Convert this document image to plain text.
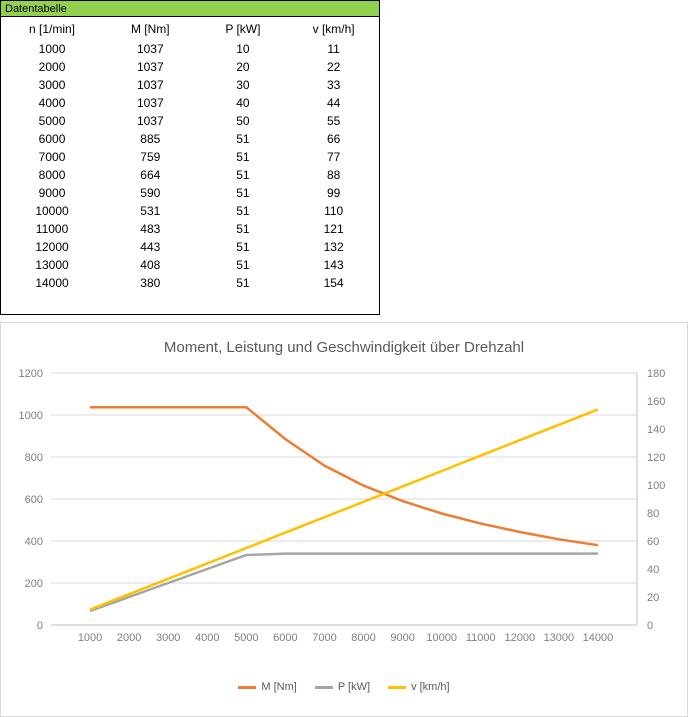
Datentabelle
n [1/min]	M [Nm]	P [kW]	v [km/h]
1000	1037	10	11
2000	1037	20	22
3000	1037	30	33
4000	1037	40	44
5000	1037	50	55
6000	885	51	66
7000	759	51	77
8000	664	51	88
9000	590	51	99
10000	531	51	110
11000	483	51	121
12000	443	51	132
13000	408	51	143
14000	380	51	154
Moment, Leistung und Geschwindigkeit über Drehzahl
0
200
400
600
800
1000
1200
0
20
40
60
80
100
120
140
160
180
1000 2000 3000 4000 5000 6000 7000 8000 9000 10000 11000 12000 13000 14000
M [Nm]	P [kW]	v [km/h]
